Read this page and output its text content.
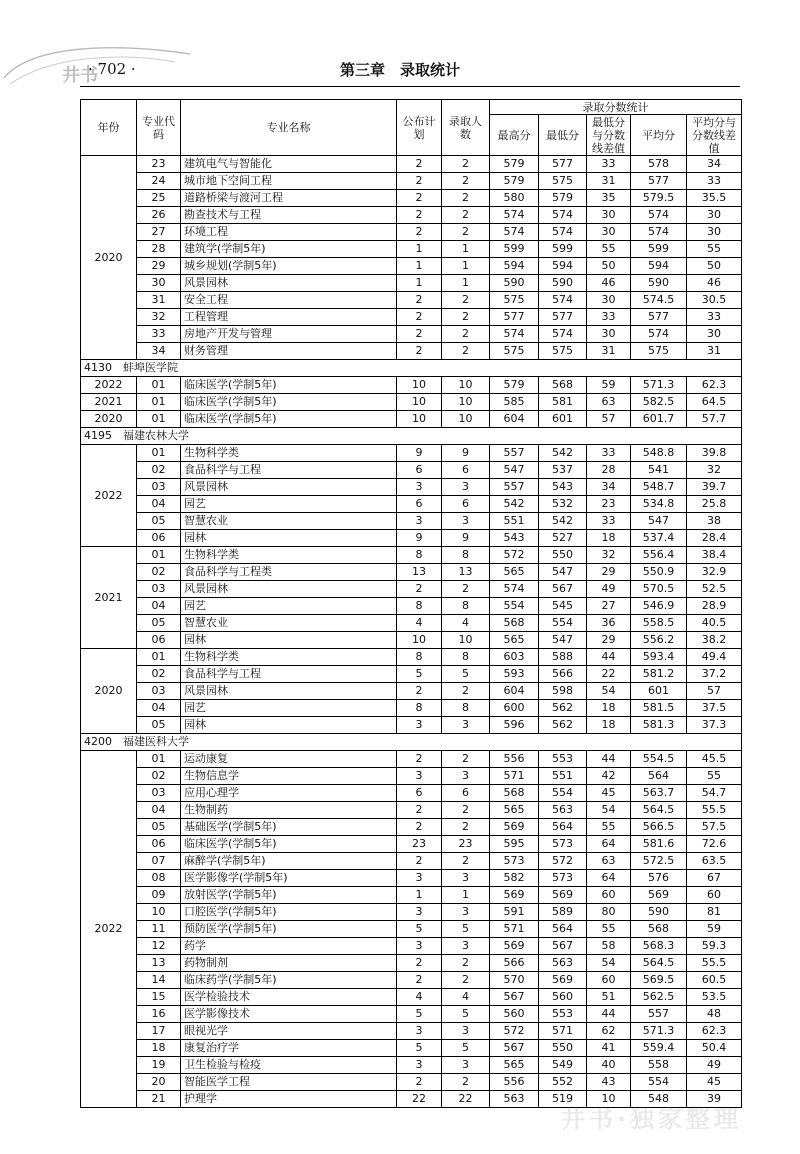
井书
· 702 ·	第三章　录取统计
年份	专业代码	专业名称	公布计划	录取人数	录取分数统计				
					最高分	最低分	最低分与分数线差值	平均分	平均分与分数线差值
2020	23	建筑电气与智能化	2	2	579	577	33	578	34
	24	城市地下空间工程	2	2	579	575	31	577	33
	25	道路桥梁与渡河工程	2	2	580	579	35	579.5	35.5
	26	勘查技术与工程	2	2	574	574	30	574	30
	27	环境工程	2	2	574	574	30	574	30
	28	建筑学(学制5年)	1	1	599	599	55	599	55
	29	城乡规划(学制5年)	1	1	594	594	50	594	50
	30	风景园林	1	1	590	590	46	590	46
	31	安全工程	2	2	575	574	30	574.5	30.5
	32	工程管理	2	2	577	577	33	577	33
	33	房地产开发与管理	2	2	574	574	30	574	30
	34	财务管理	2	2	575	575	31	575	31
4130　蚌埠医学院									
2022	01	临床医学(学制5年)	10	10	579	568	59	571.3	62.3
2021	01	临床医学(学制5年)	10	10	585	581	63	582.5	64.5
2020	01	临床医学(学制5年)	10	10	604	601	57	601.7	57.7
4195　福建农林大学									
2022	01	生物科学类	9	9	557	542	33	548.8	39.8
	02	食品科学与工程	6	6	547	537	28	541	32
	03	风景园林	3	3	557	543	34	548.7	39.7
	04	园艺	6	6	542	532	23	534.8	25.8
	05	智慧农业	3	3	551	542	33	547	38
	06	园林	9	9	543	527	18	537.4	28.4
2021	01	生物科学类	8	8	572	550	32	556.4	38.4
	02	食品科学与工程类	13	13	565	547	29	550.9	32.9
	03	风景园林	2	2	574	567	49	570.5	52.5
	04	园艺	8	8	554	545	27	546.9	28.9
	05	智慧农业	4	4	568	554	36	558.5	40.5
	06	园林	10	10	565	547	29	556.2	38.2
2020	01	生物科学类	8	8	603	588	44	593.4	49.4
	02	食品科学与工程	5	5	593	566	22	581.2	37.2
	03	风景园林	2	2	604	598	54	601	57
	04	园艺	8	8	600	562	18	581.5	37.5
	05	园林	3	3	596	562	18	581.3	37.3
4200　福建医科大学									
2022	01	运动康复	2	2	556	553	44	554.5	45.5
	02	生物信息学	3	3	571	551	42	564	55
	03	应用心理学	6	6	568	554	45	563.7	54.7
	04	生物制药	2	2	565	563	54	564.5	55.5
	05	基础医学(学制5年)	2	2	569	564	55	566.5	57.5
	06	临床医学(学制5年)	23	23	595	573	64	581.6	72.6
	07	麻醉学(学制5年)	2	2	573	572	63	572.5	63.5
	08	医学影像学(学制5年)	3	3	582	573	64	576	67
	09	放射医学(学制5年)	1	1	569	569	60	569	60
	10	口腔医学(学制5年)	3	3	591	589	80	590	81
	11	预防医学(学制5年)	5	5	571	564	55	568	59
	12	药学	3	3	569	567	58	568.3	59.3
	13	药物制剂	2	2	566	563	54	564.5	55.5
	14	临床药学(学制5年)	2	2	570	569	60	569.5	60.5
	15	医学检验技术	4	4	567	560	51	562.5	53.5
	16	医学影像技术	5	5	560	553	44	557	48
	17	眼视光学	3	3	572	571	62	571.3	62.3
	18	康复治疗学	5	5	567	550	41	559.4	50.4
	19	卫生检验与检疫	3	3	565	549	40	558	49
	20	智能医学工程	2	2	556	552	43	554	45
	21	护理学	22	22	563	519	10	548	39
井书·独家整理
